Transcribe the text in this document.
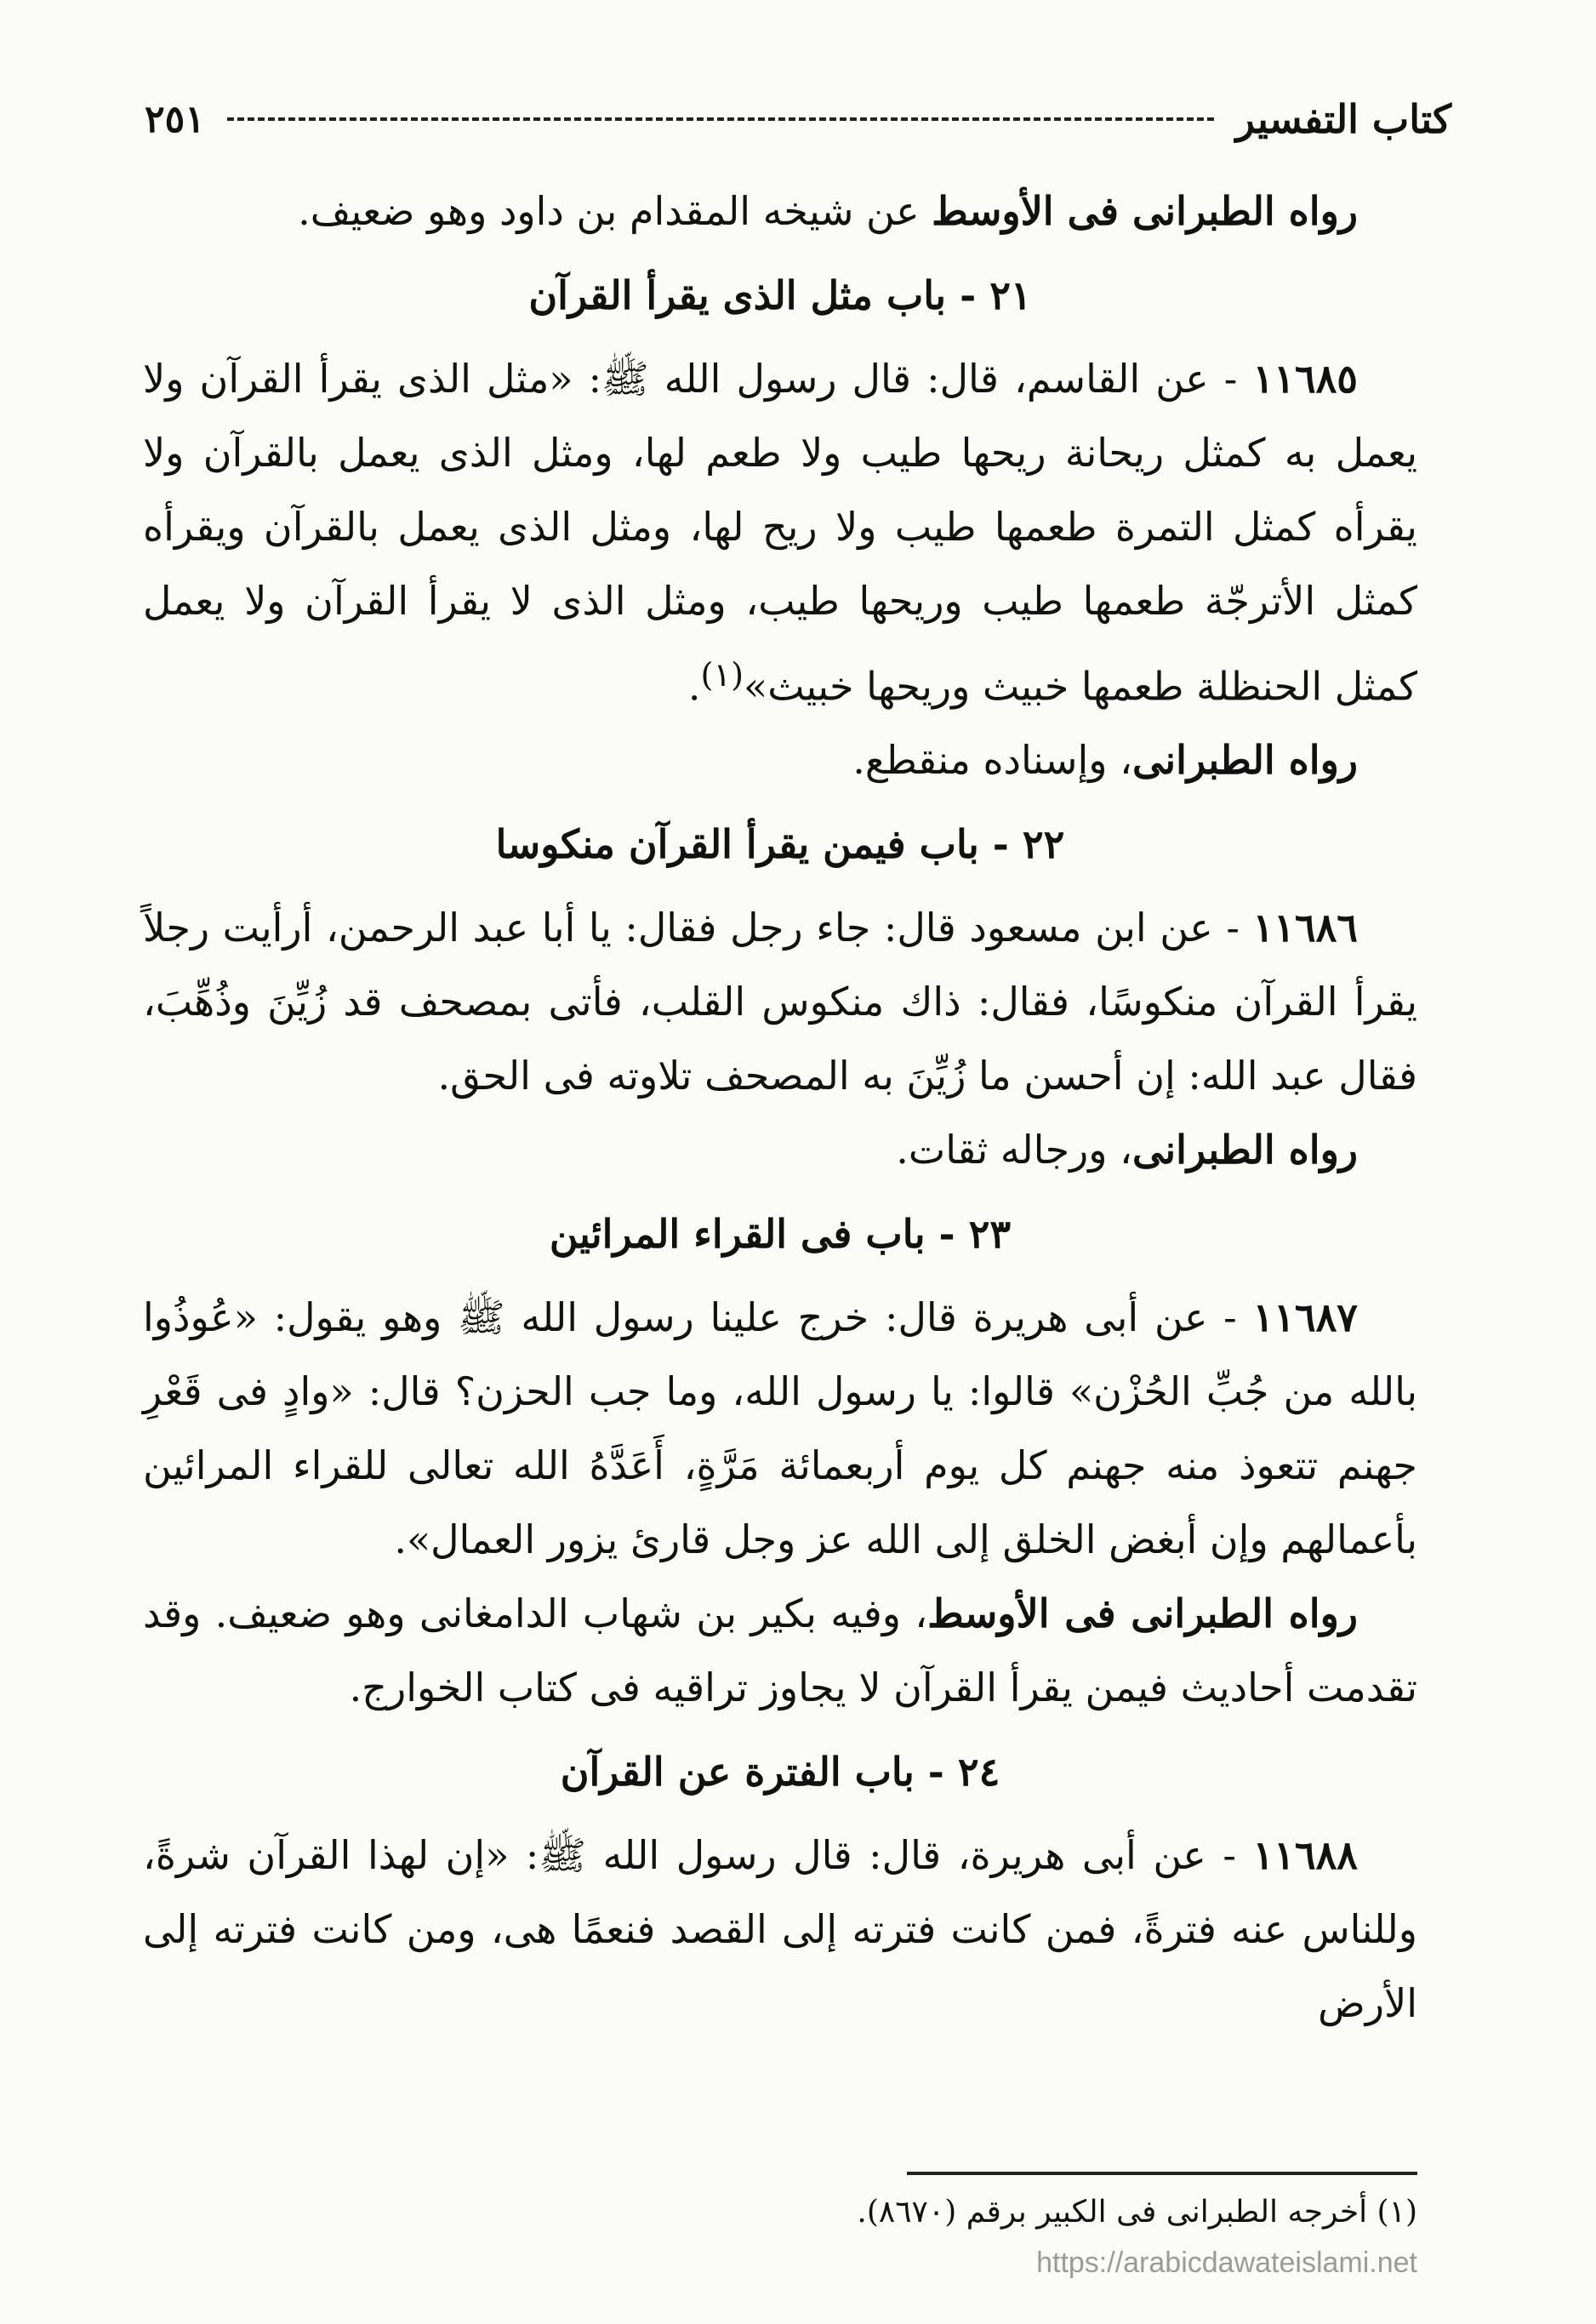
كتاب التفسير
٢٥١

رواه الطبرانى فى الأوسط عن شيخه المقدام بن داود وهو ضعيف.

٢١ - باب مثل الذى يقرأ القرآن

١١٦٨٥ - عن القاسم، قال: قال رسول الله ﷺ: «مثل الذى يقرأ القرآن ولا يعمل به كمثل ريحانة ريحها طيب ولا طعم لها، ومثل الذى يعمل بالقرآن ولا يقرأه كمثل التمرة طعمها طيب ولا ريح لها، ومثل الذى يعمل بالقرآن ويقرأه كمثل الأترجّة طعمها طيب وريحها طيب، ومثل الذى لا يقرأ القرآن ولا يعمل كمثل الحنظلة طعمها خبيث وريحها خبيث»$^{(١)}$.

رواه الطبرانى، وإسناده منقطع.

٢٢ - باب فيمن يقرأ القرآن منكوسا

١١٦٨٦ - عن ابن مسعود قال: جاء رجل فقال: يا أبا عبد الرحمن، أرأيت رجلاً يقرأ القرآن منكوسًا، فقال: ذاك منكوس القلب، فأتى بمصحف قد زُيِّنَ وذُهِّبَ، فقال عبد الله: إن أحسن ما زُيِّنَ به المصحف تلاوته فى الحق.

رواه الطبرانى، ورجاله ثقات.

٢٣ - باب فى القراء المرائين

١١٦٨٧ - عن أبى هريرة قال: خرج علينا رسول الله ﷺ وهو يقول: «عُوذُوا بالله من جُبِّ الحُزْن» قالوا: يا رسول الله، وما جب الحزن؟ قال: «وادٍ فى قَعْرِ جهنم تتعوذ منه جهنم كل يوم أربعمائة مَرَّةٍ، أَعَدَّهُ الله تعالى للقراء المرائين بأعمالهم وإن أبغض الخلق إلى الله عز وجل قارئ يزور العمال».

رواه الطبرانى فى الأوسط، وفيه بكير بن شهاب الدامغانى وهو ضعيف. وقد تقدمت أحاديث فيمن يقرأ القرآن لا يجاوز تراقيه فى كتاب الخوارج.

٢٤ - باب الفترة عن القرآن

١١٦٨٨ - عن أبى هريرة، قال: قال رسول الله ﷺ: «إن لهذا القرآن شرةً، وللناس عنه فترةً، فمن كانت فترته إلى القصد فنعمًا هى، ومن كانت فترته إلى الأرض

(١) أخرجه الطبرانى فى الكبير برقم (٨٦٧٠).
https://arabicdawateislami.net
